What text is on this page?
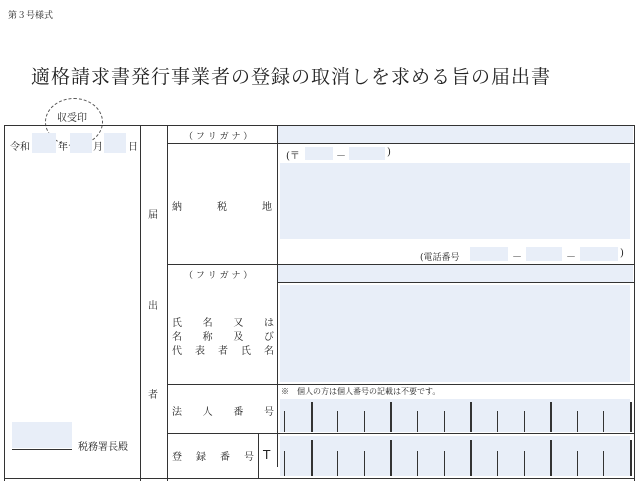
第３号様式
適格請求書発行事業者の登録の取消しを求める旨の届出書
収受印
令和	年	月	日
税務署長殿
届
出
者
（ フ リ ガ ナ ）
(〒	－	)
納	税	地
(電話番号	－	－	)
（ フ リ ガ ナ ）
氏 名 又 は
名 称 及 び
代 表 者 氏 名
※　個人の方は個人番号の記載は不要です。
法 人 番 号
登 録 番 号 T
